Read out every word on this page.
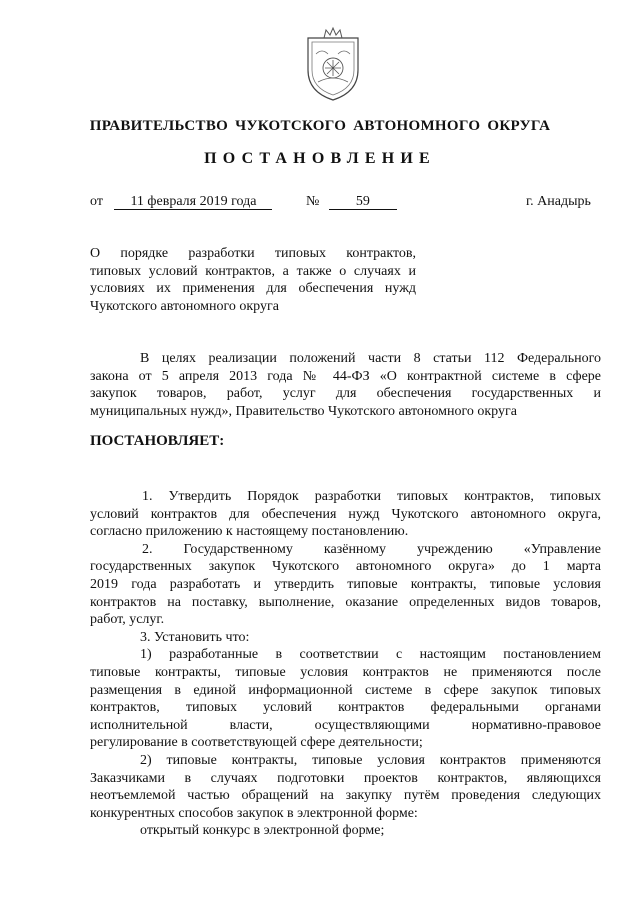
ПРАВИТЕЛЬСТВО ЧУКОТСКОГО АВТОНОМНОГО ОКРУГА
ПОСТАНОВЛЕНИЕ
от 11 февраля 2019 года	№	59	г. Анадырь
О порядке разработки типовых контрактов,
типовых условий контрактов, а также о случаях и
условиях их применения для обеспечения нужд
Чукотского автономного округа
В целях реализации положений части 8 статьи 112 Федерального
закона от 5 апреля 2013 года № 44-ФЗ «О контрактной системе в сфере
закупок товаров, работ, услуг для обеспечения государственных и
муниципальных нужд», Правительство Чукотского автономного округа
ПОСТАНОВЛЯЕТ:
1. Утвердить Порядок разработки типовых контрактов, типовых
условий контрактов для обеспечения нужд Чукотского автономного округа,
согласно приложению к настоящему постановлению.
2. Государственному казённому учреждению «Управление
государственных закупок Чукотского автономного округа» до 1 марта
2019 года разработать и утвердить типовые контракты, типовые условия
контрактов на поставку, выполнение, оказание определенных видов товаров,
работ, услуг.
3. Установить что:
1) разработанные в соответствии с настоящим постановлением
типовые контракты, типовые условия контрактов не применяются после
размещения в единой информационной системе в сфере закупок типовых
контрактов, типовых условий контрактов федеральными органами
исполнительной власти, осуществляющими нормативно-правовое
регулирование в соответствующей сфере деятельности;
2) типовые контракты, типовые условия контрактов применяются
Заказчиками в случаях подготовки проектов контрактов, являющихся
неотъемлемой частью обращений на закупку путём проведения следующих
конкурентных способов закупок в электронной форме:
открытый конкурс в электронной форме;
